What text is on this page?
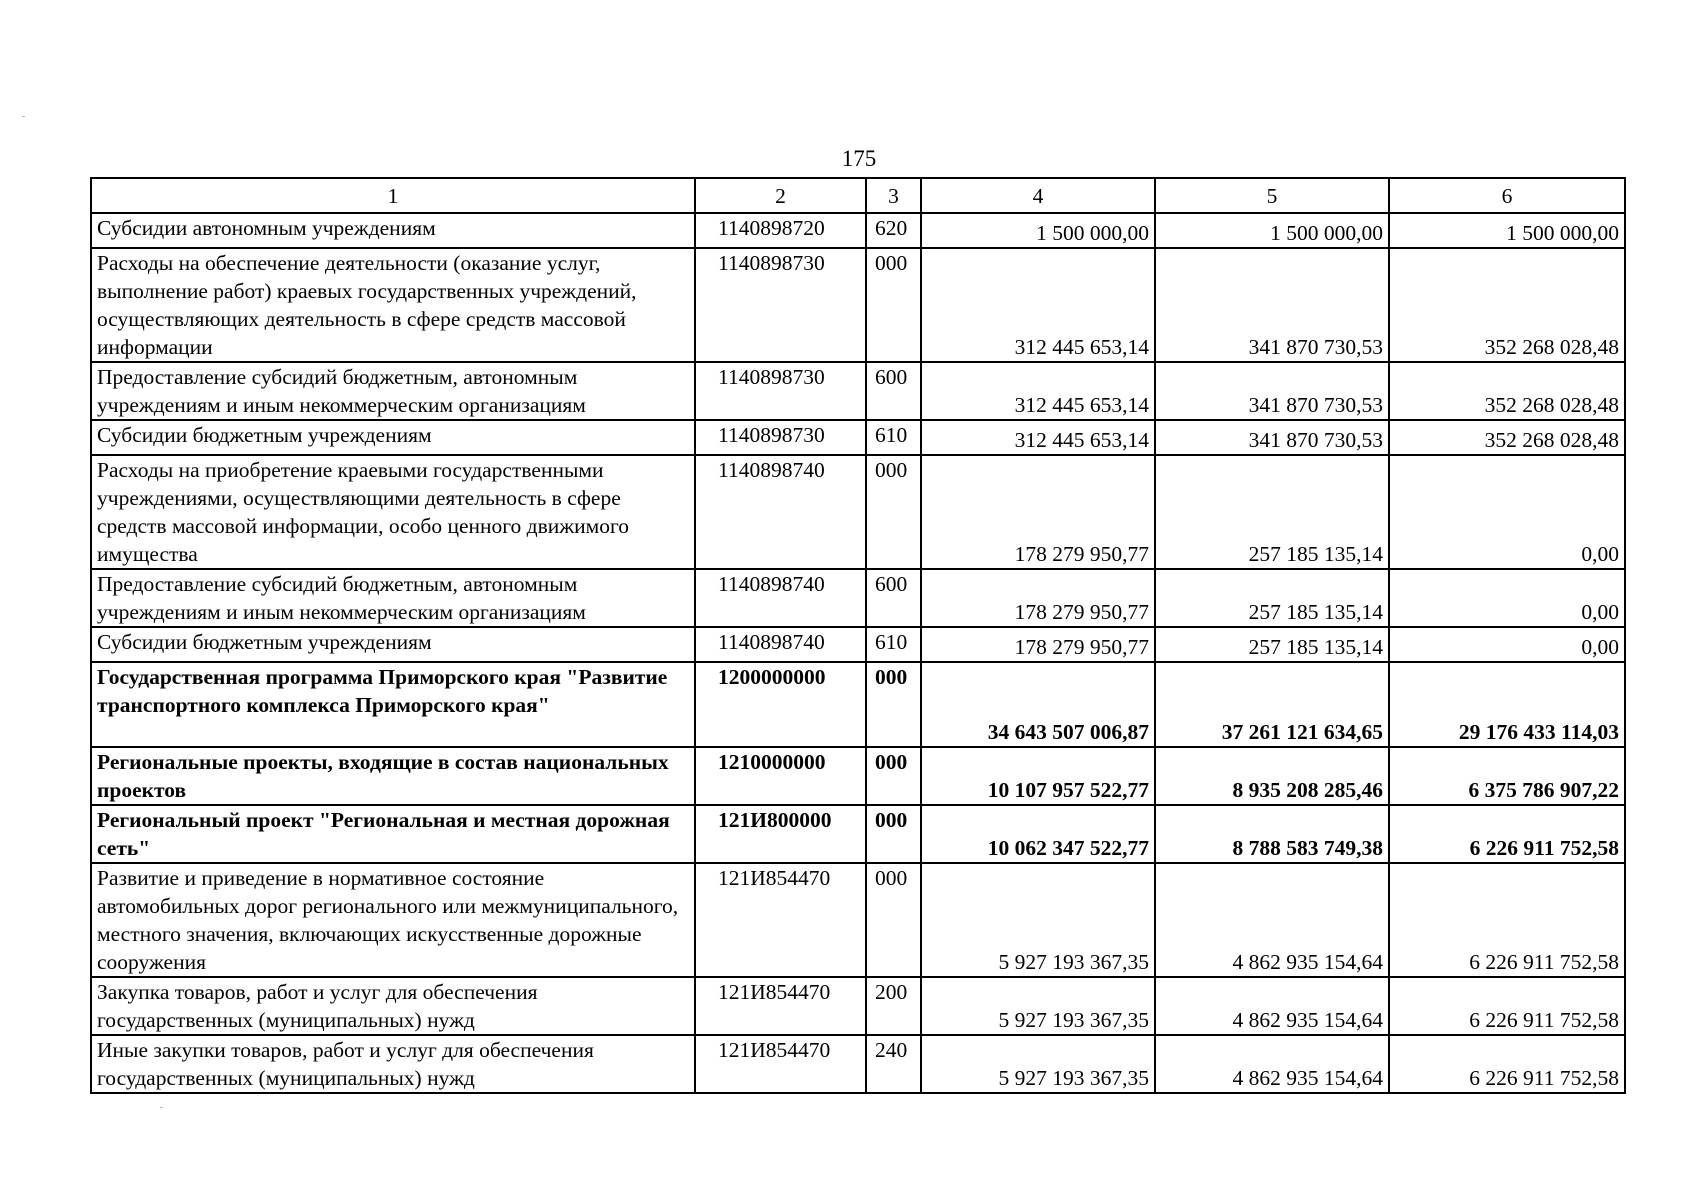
175
1	2	3	4	5	6
Субсидии автономным учреждениям	1140898720	620	1 500 000,00	1 500 000,00	1 500 000,00
Расходы на обеспечение деятельности (оказание услуг, выполнение работ) краевых государственных учреждений, осуществляющих деятельность в сфере средств массовой информации	1140898730	000	312 445 653,14	341 870 730,53	352 268 028,48
Предоставление субсидий бюджетным, автономным учреждениям и иным некоммерческим организациям	1140898730	600	312 445 653,14	341 870 730,53	352 268 028,48
Субсидии бюджетным учреждениям	1140898730	610	312 445 653,14	341 870 730,53	352 268 028,48
Расходы на приобретение краевыми государственными учреждениями, осуществляющими деятельность в сфере средств массовой информации, особо ценного движимого имущества	1140898740	000	178 279 950,77	257 185 135,14	0,00
Предоставление субсидий бюджетным, автономным учреждениям и иным некоммерческим организациям	1140898740	600	178 279 950,77	257 185 135,14	0,00
Субсидии бюджетным учреждениям	1140898740	610	178 279 950,77	257 185 135,14	0,00
Государственная программа Приморского края "Развитие транспортного комплекса Приморского края"	1200000000	000	34 643 507 006,87	37 261 121 634,65	29 176 433 114,03
Региональные проекты, входящие в состав национальных проектов	1210000000	000	10 107 957 522,77	8 935 208 285,46	6 375 786 907,22
Региональный проект "Региональная и местная дорожная сеть"	121И800000	000	10 062 347 522,77	8 788 583 749,38	6 226 911 752,58
Развитие и приведение в нормативное состояние автомобильных дорог регионального или межмуниципального, местного значения, включающих искусственные дорожные сооружения	121И854470	000	5 927 193 367,35	4 862 935 154,64	6 226 911 752,58
Закупка товаров, работ и услуг для обеспечения государственных (муниципальных) нужд	121И854470	200	5 927 193 367,35	4 862 935 154,64	6 226 911 752,58
Иные закупки товаров, работ и услуг для обеспечения государственных (муниципальных) нужд	121И854470	240	5 927 193 367,35	4 862 935 154,64	6 226 911 752,58
